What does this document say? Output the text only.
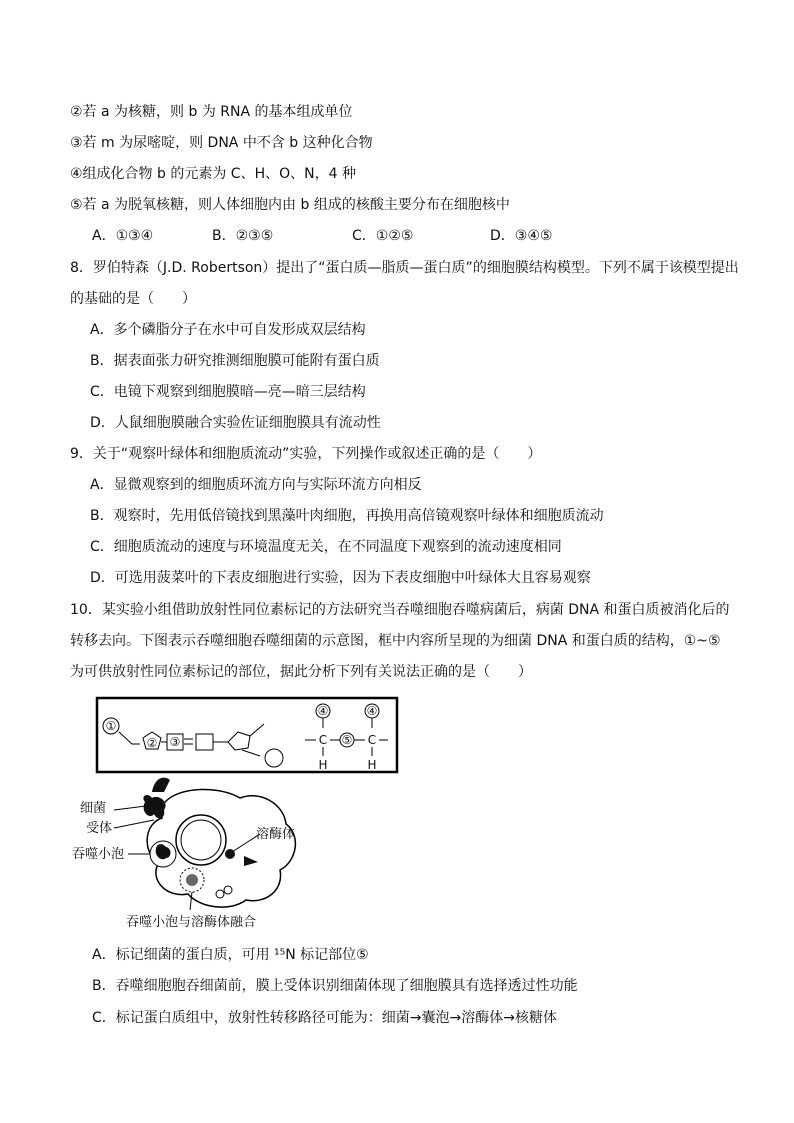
②若 a 为核糖，则 b 为 RNA 的基本组成单位
③若 m 为尿嘧啶，则 DNA 中不含 b 这种化合物
④组成化合物 b 的元素为 C、H、O、N，4 种
⑤若 a 为脱氧核糖，则人体细胞内由 b 组成的核酸主要分布在细胞核中
A．①③④	B．②③⑤	C．①②⑤	D．③④⑤
8．罗伯特森（J.D. Robertson）提出了“蛋白质—脂质—蛋白质”的细胞膜结构模型。下列不属于该模型提出
的基础的是（　　）
A．多个磷脂分子在水中可自发形成双层结构
B．据表面张力研究推测细胞膜可能附有蛋白质
C．电镜下观察到细胞膜暗—亮—暗三层结构
D．人鼠细胞膜融合实验佐证细胞膜具有流动性
9．关于“观察叶绿体和细胞质流动”实验，下列操作或叙述正确的是（　　）
A．显微观察到的细胞质环流方向与实际环流方向相反
B．观察时，先用低倍镜找到黑藻叶肉细胞，再换用高倍镜观察叶绿体和细胞质流动
C．细胞质流动的速度与环境温度无关，在不同温度下观察到的流动速度相同
D．可选用菠菜叶的下表皮细胞进行实验，因为下表皮细胞中叶绿体大且容易观察
10．某实验小组借助放射性同位素标记的方法研究当吞噬细胞吞噬病菌后，病菌 DNA 和蛋白质被消化后的
转移去向。下图表示吞噬细胞吞噬细菌的示意图，框中内容所呈现的为细菌 DNA 和蛋白质的结构，①~⑤
为可供放射性同位素标记的部位，据此分析下列有关说法正确的是（　　）
①
② ③
④	④
C	C
⑤
H	H
细菌
受体
吞噬小泡
溶酶体
吞噬小泡与溶酶体融合
A．标记细菌的蛋白质，可用 ¹⁵N 标记部位⑤
B．吞噬细胞胞吞细菌前，膜上受体识别细菌体现了细胞膜具有选择透过性功能
C．标记蛋白质组中，放射性转移路径可能为：细菌→囊泡→溶酶体→核糖体
